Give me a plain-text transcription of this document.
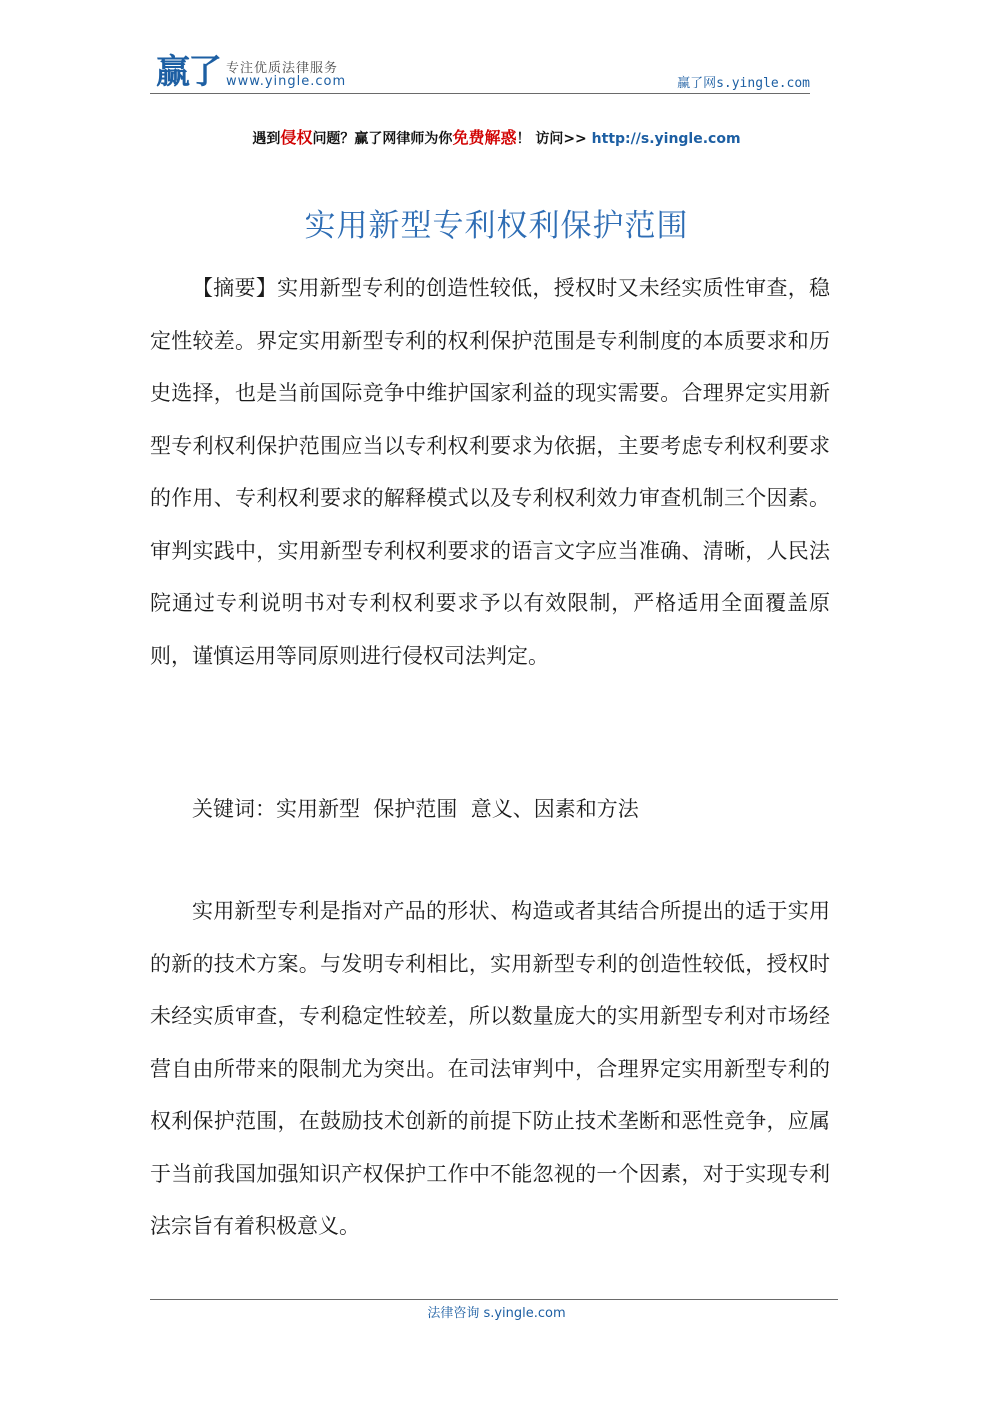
赢了 专注优质法律服务
www.yingle.com	赢了网s.yingle.com
遇到侵权问题？赢了网律师为你免费解惑！ 访问>> http://s.yingle.com
实用新型专利权利保护范围

【摘要】实用新型专利的创造性较低，授权时又未经实质性审查，稳定性较差。界定实用新型专利的权利保护范围是专利制度的本质要求和历史选择，也是当前国际竞争中维护国家利益的现实需要。合理界定实用新型专利权利保护范围应当以专利权利要求为依据，主要考虑专利权利要求的作用、专利权利要求的解释模式以及专利权利效力审查机制三个因素。审判实践中，实用新型专利权利要求的语言文字应当准确、清晰，人民法院通过专利说明书对专利权利要求予以有效限制，严格适用全面覆盖原则，谨慎运用等同原则进行侵权司法判定。

关键词：实用新型  保护范围  意义、因素和方法

实用新型专利是指对产品的形状、构造或者其结合所提出的适于实用的新的技术方案。与发明专利相比，实用新型专利的创造性较低，授权时未经实质审查，专利稳定性较差，所以数量庞大的实用新型专利对市场经营自由所带来的限制尤为突出。在司法审判中，合理界定实用新型专利的权利保护范围，在鼓励技术创新的前提下防止技术垄断和恶性竞争，应属于当前我国加强知识产权保护工作中不能忽视的一个因素，对于实现专利法宗旨有着积极意义。

法律咨询 s.yingle.com
